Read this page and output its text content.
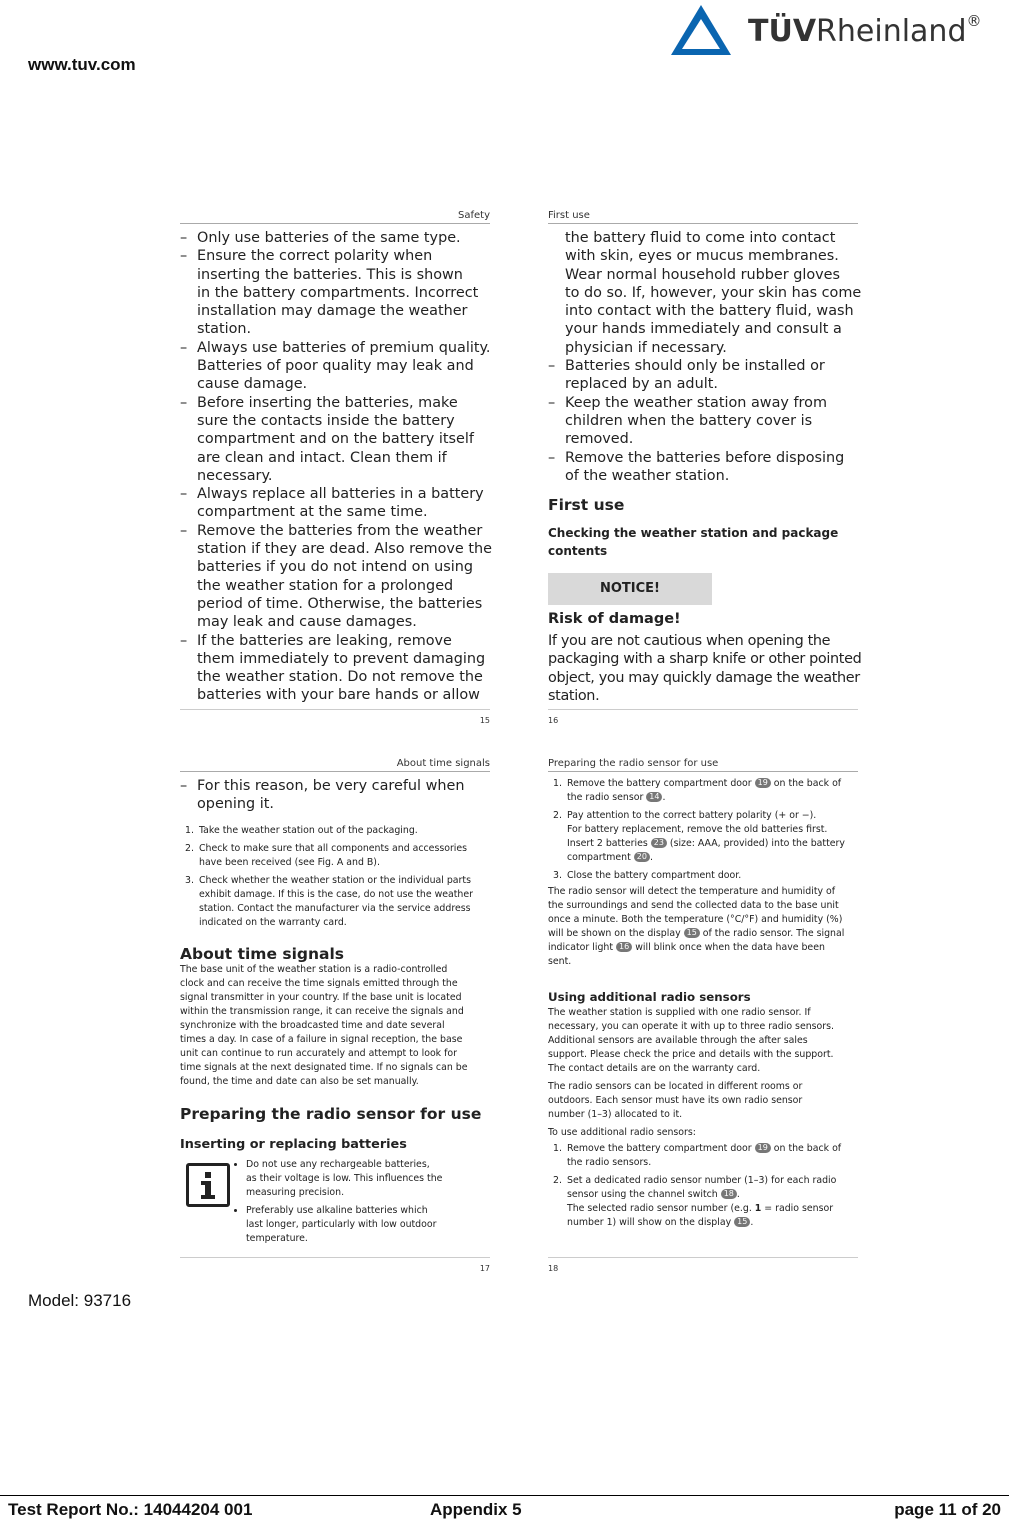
www.tuv.com
TÜVRheinland®
Safety
– Only use batteries of the same type.
– Ensure the correct polarity when
inserting the batteries. This is shown
in the battery compartments. Incorrect
installation may damage the weather
station.
– Always use batteries of premium quality.
Batteries of poor quality may leak and
cause damage.
– Before inserting the batteries, make
sure the contacts inside the battery
compartment and on the battery itself
are clean and intact. Clean them if
necessary.
– Always replace all batteries in a battery
compartment at the same time.
– Remove the batteries from the weather
station if they are dead. Also remove the
batteries if you do not intend on using
the weather station for a prolonged
period of time. Otherwise, the batteries
may leak and cause damages.
– If the batteries are leaking, remove
them immediately to prevent damaging
the weather station. Do not remove the
batteries with your bare hands or allow
15
First use
the battery fluid to come into contact
with skin, eyes or mucus membranes.
Wear normal household rubber gloves
to do so. If, however, your skin has come
into contact with the battery fluid, wash
your hands immediately and consult a
physician if necessary.
– Batteries should only be installed or
replaced by an adult.
– Keep the weather station away from
children when the battery cover is
removed.
– Remove the batteries before disposing
of the weather station.
First use
Checking the weather station and package
contents
NOTICE!
Risk of damage!
If you are not cautious when opening the
packaging with a sharp knife or other pointed
object, you may quickly damage the weather
station.
16
About time signals
– For this reason, be very careful when
opening it.
1. Take the weather station out of the packaging.
2. Check to make sure that all components and accessories
have been received (see Fig. A and B).
3. Check whether the weather station or the individual parts
exhibit damage. If this is the case, do not use the weather
station. Contact the manufacturer via the service address
indicated on the warranty card.
About time signals
The base unit of the weather station is a radio-controlled
clock and can receive the time signals emitted through the
signal transmitter in your country. If the base unit is located
within the transmission range, it can receive the signals and
synchronize with the broadcasted time and date several
times a day. In case of a failure in signal reception, the base
unit can continue to run accurately and attempt to look for
time signals at the next designated time. If no signals can be
found, the time and date can also be set manually.
Preparing the radio sensor for use
Inserting or replacing batteries
• Do not use any rechargeable batteries,
as their voltage is low. This influences the
measuring precision.
• Preferably use alkaline batteries which
last longer, particularly with low outdoor
temperature.
17
Preparing the radio sensor for use
1. Remove the battery compartment door 19 on the back of
the radio sensor 14 .
2. Pay attention to the correct battery polarity (+ or −).
For battery replacement, remove the old batteries first.
Insert 2 batteries 23 (size: AAA, provided) into the battery
compartment 20 .
3. Close the battery compartment door.

The radio sensor will detect the temperature and humidity of
the surroundings and send the collected data to the base unit
once a minute. Both the temperature (°C/°F) and humidity (%)
will be shown on the display 15 of the radio sensor. The signal
indicator light 16 will blink once when the data have been
sent.

Using additional radio sensors
The weather station is supplied with one radio sensor. If
necessary, you can operate it with up to three radio sensors.
Additional sensors are available through the after sales
support. Please check the price and details with the support.
The contact details are on the warranty card.

The radio sensors can be located in different rooms or
outdoors. Each sensor must have its own radio sensor
number (1–3) allocated to it.

To use additional radio sensors:

1. Remove the battery compartment door 19 on the back of
the radio sensors.
2. Set a dedicated radio sensor number (1–3) for each radio
sensor using the channel switch 18 .
The selected radio sensor number (e.g. 1 = radio sensor
number 1) will show on the display 15 .
18
Model: 93716
Test Report No.: 14044204 001	Appendix 5	page 11 of 20
